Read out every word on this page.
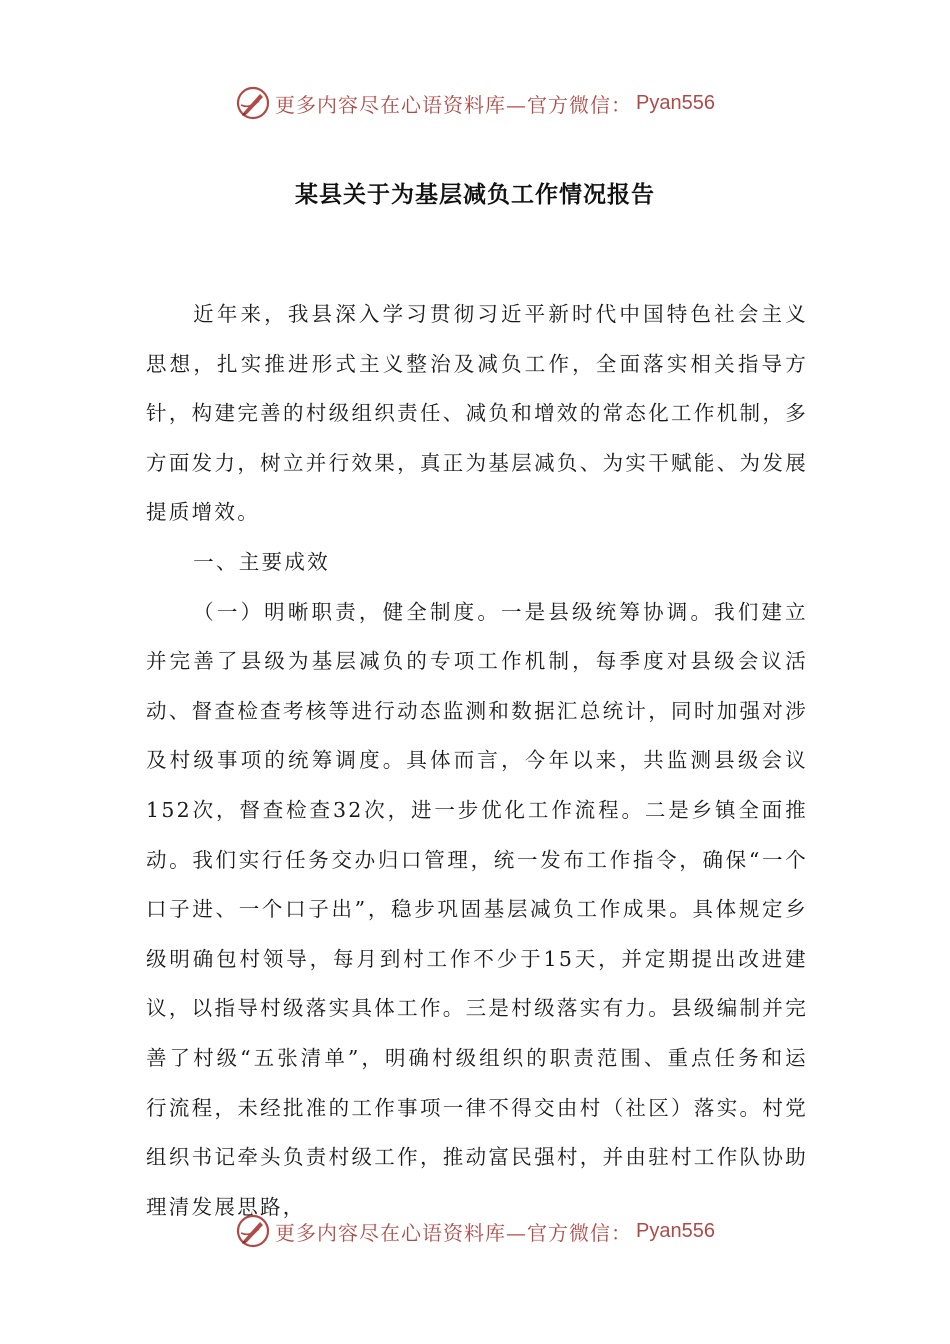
更多内容尽在心语资料库—官方微信： Pyan556
某县关于为基层减负工作情况报告

近年来，我县深入学习贯彻习近平新时代中国特色社会主义思想，扎实推进形式主义整治及减负工作，全面落实相关指导方针，构建完善的村级组织责任、减负和增效的常态化工作机制，多方面发力，树立并行效果，真正为基层减负、为实干赋能、为发展提质增效。

一、主要成效

（一）明晰职责，健全制度。一是县级统筹协调。我们建立并完善了县级为基层减负的专项工作机制，每季度对县级会议活动、督查检查考核等进行动态监测和数据汇总统计，同时加强对涉及村级事项的统筹调度。具体而言，今年以来，共监测县级会议152次，督查检查32次，进一步优化工作流程。二是乡镇全面推动。我们实行任务交办归口管理，统一发布工作指令，确保“一个口子进、一个口子出”，稳步巩固基层减负工作成果。具体规定乡级明确包村领导，每月到村工作不少于15天，并定期提出改进建议，以指导村级落实具体工作。三是村级落实有力。县级编制并完善了村级“五张清单”，明确村级组织的职责范围、重点任务和运行流程，未经批准的工作事项一律不得交由村（社区）落实。村党组织书记牵头负责村级工作，推动富民强村，并由驻村工作队协助理清发展思路，

更多内容尽在心语资料库—官方微信： Pyan556
